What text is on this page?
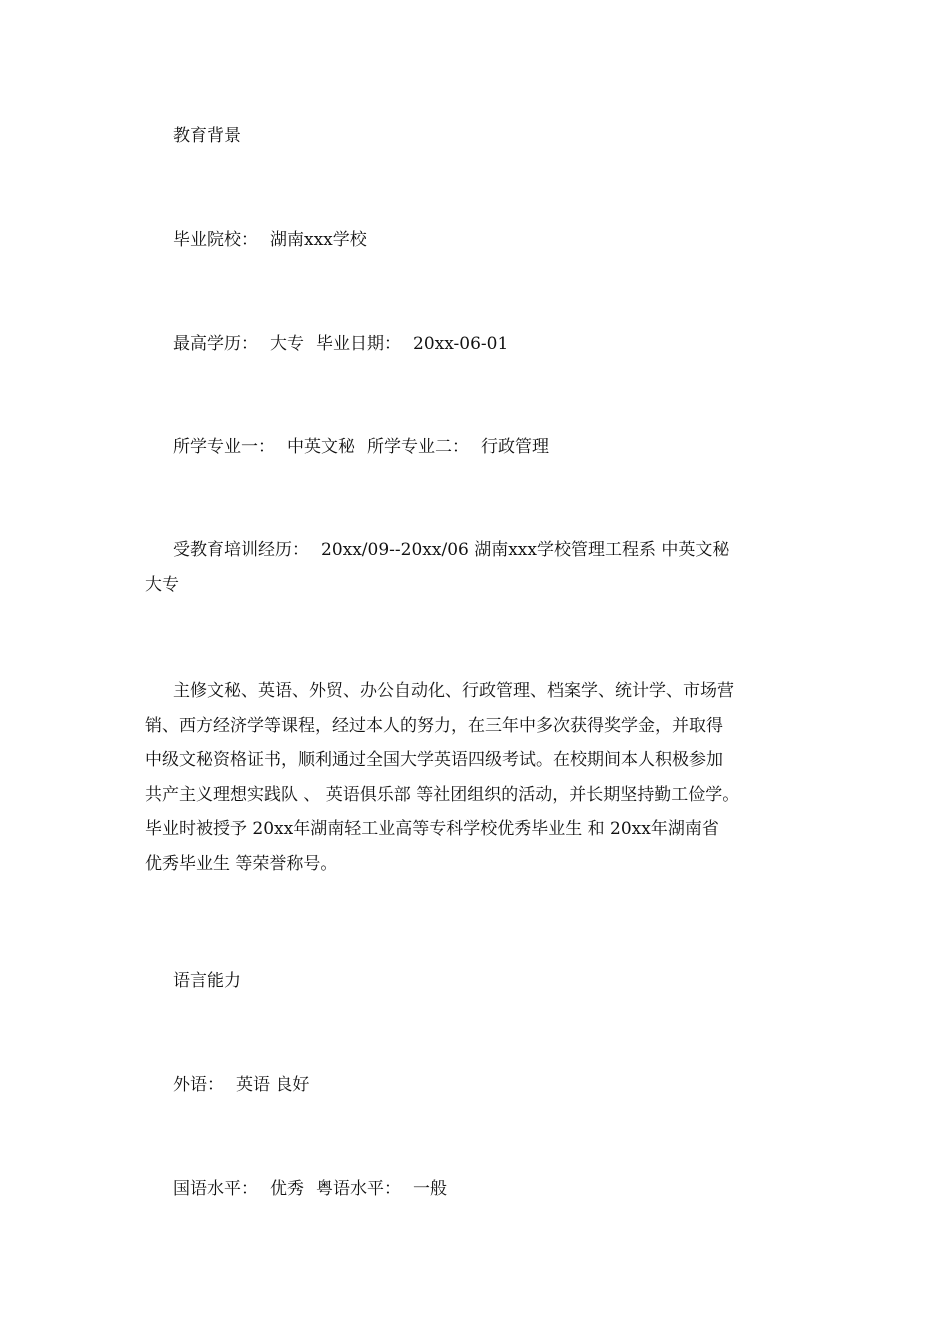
教育背景
毕业院校： 湖南xxx学校
最高学历： 大专 毕业日期： 20xx-06-01
所学专业一： 中英文秘 所学专业二： 行政管理
受教育培训经历： 20xx/09--20xx/06 湖南xxx学校管理工程系 中英文秘
大专
主修文秘、英语、外贸、办公自动化、行政管理、档案学、统计学、市场营
销、西方经济学等课程，经过本人的努力，在三年中多次获得奖学金，并取得
中级文秘资格证书，顺利通过全国大学英语四级考试。在校期间本人积极参加
共产主义理想实践队 、 英语俱乐部 等社团组织的活动，并长期坚持勤工俭学。
毕业时被授予 20xx年湖南轻工业高等专科学校优秀毕业生 和 20xx年湖南省
优秀毕业生 等荣誉称号。
语言能力
外语： 英语 良好
国语水平： 优秀 粤语水平： 一般
